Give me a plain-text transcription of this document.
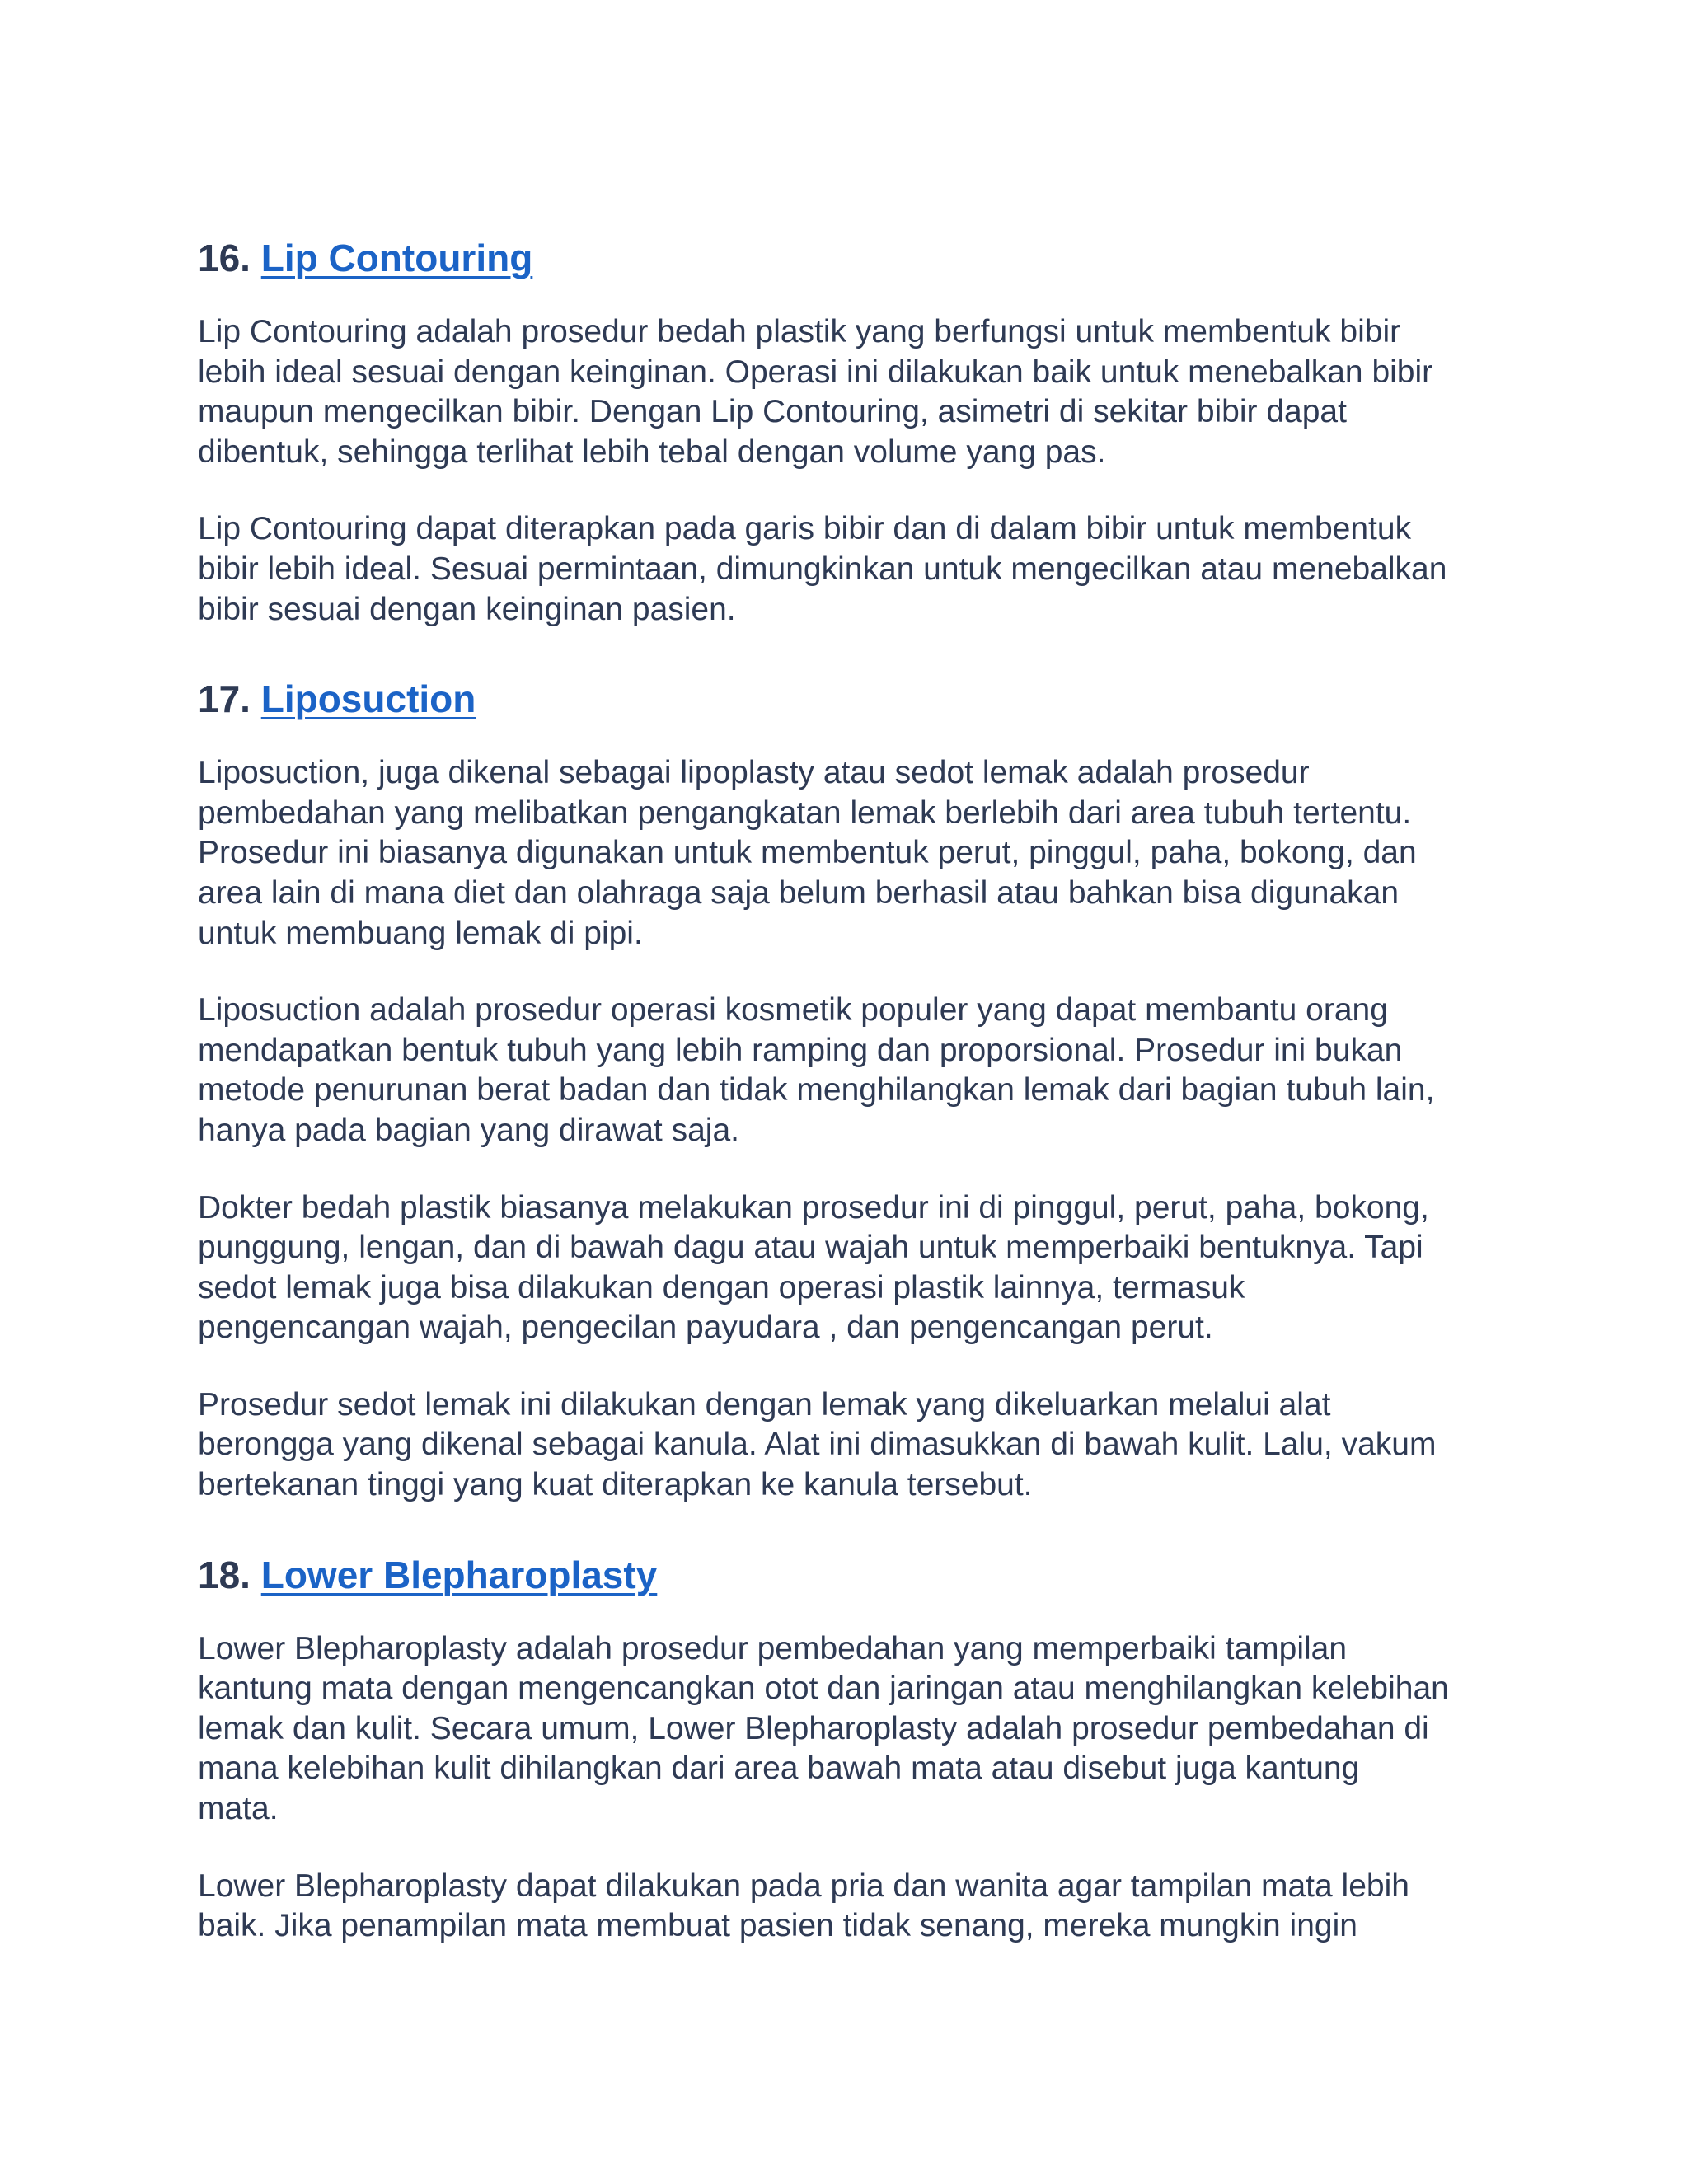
16. Lip Contouring

Lip Contouring adalah prosedur bedah plastik yang berfungsi untuk membentuk bibir
lebih ideal sesuai dengan keinginan. Operasi ini dilakukan baik untuk menebalkan bibir
maupun mengecilkan bibir. Dengan Lip Contouring, asimetri di sekitar bibir dapat
dibentuk, sehingga terlihat lebih tebal dengan volume yang pas.

Lip Contouring dapat diterapkan pada garis bibir dan di dalam bibir untuk membentuk
bibir lebih ideal. Sesuai permintaan, dimungkinkan untuk mengecilkan atau menebalkan
bibir sesuai dengan keinginan pasien.

17. Liposuction

Liposuction, juga dikenal sebagai lipoplasty atau sedot lemak adalah prosedur
pembedahan yang melibatkan pengangkatan lemak berlebih dari area tubuh tertentu.
Prosedur ini biasanya digunakan untuk membentuk perut, pinggul, paha, bokong, dan
area lain di mana diet dan olahraga saja belum berhasil atau bahkan bisa digunakan
untuk membuang lemak di pipi.

Liposuction adalah prosedur operasi kosmetik populer yang dapat membantu orang
mendapatkan bentuk tubuh yang lebih ramping dan proporsional. Prosedur ini bukan
metode penurunan berat badan dan tidak menghilangkan lemak dari bagian tubuh lain,
hanya pada bagian yang dirawat saja.

Dokter bedah plastik biasanya melakukan prosedur ini di pinggul, perut, paha, bokong,
punggung, lengan, dan di bawah dagu atau wajah untuk memperbaiki bentuknya. Tapi
sedot lemak juga bisa dilakukan dengan operasi plastik lainnya, termasuk
pengencangan wajah, pengecilan payudara , dan pengencangan perut.

Prosedur sedot lemak ini dilakukan dengan lemak yang dikeluarkan melalui alat
berongga yang dikenal sebagai kanula. Alat ini dimasukkan di bawah kulit. Lalu, vakum
bertekanan tinggi yang kuat diterapkan ke kanula tersebut.

18. Lower Blepharoplasty

Lower Blepharoplasty adalah prosedur pembedahan yang memperbaiki tampilan
kantung mata dengan mengencangkan otot dan jaringan atau menghilangkan kelebihan
lemak dan kulit. Secara umum, Lower Blepharoplasty adalah prosedur pembedahan di
mana kelebihan kulit dihilangkan dari area bawah mata atau disebut juga kantung
mata.

Lower Blepharoplasty dapat dilakukan pada pria dan wanita agar tampilan mata lebih
baik. Jika penampilan mata membuat pasien tidak senang, mereka mungkin ingin
